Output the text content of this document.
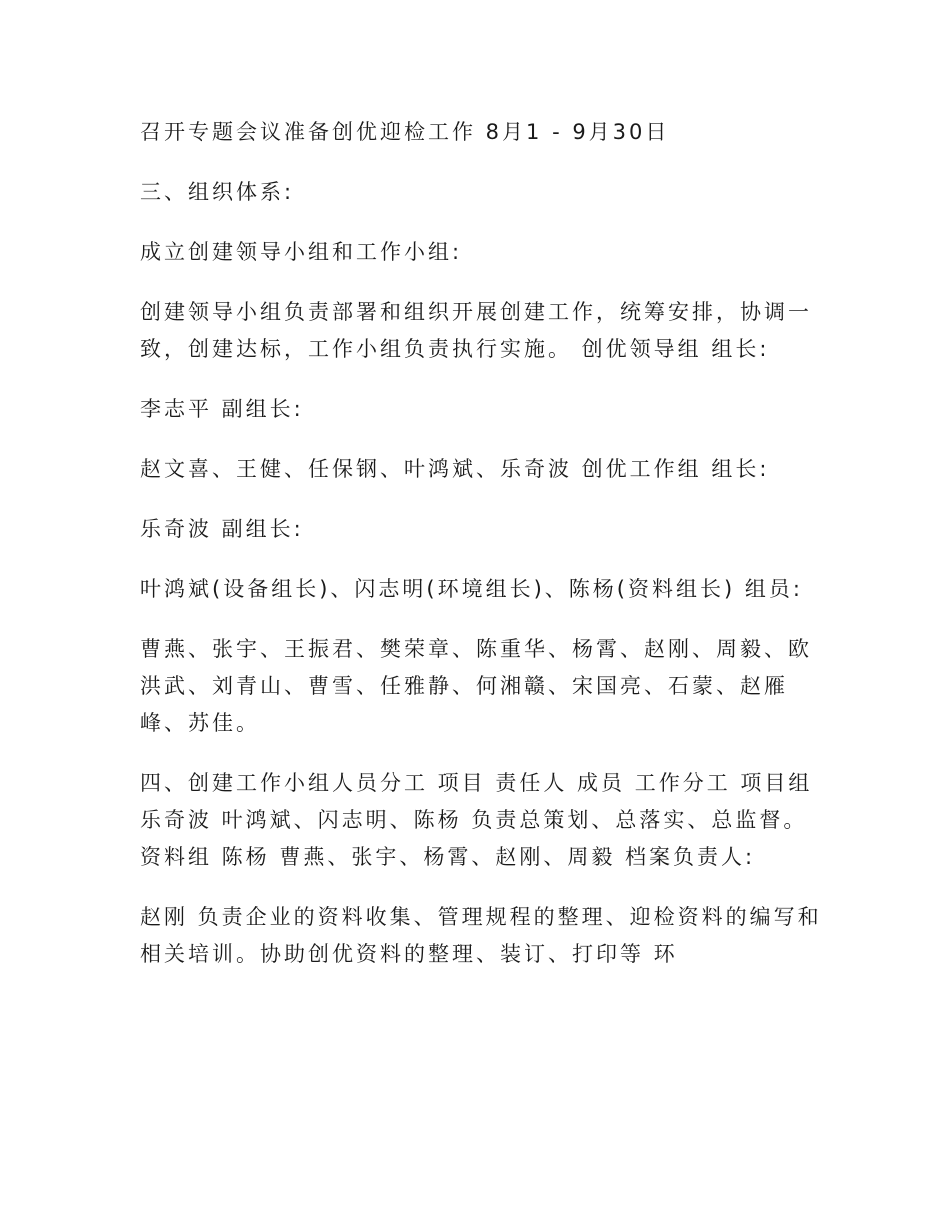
召开专题会议准备创优迎检工作 8月1 - 9月30日

三、组织体系:

成立创建领导小组和工作小组:

创建领导小组负责部署和组织开展创建工作，统筹安排，协调一致，创建达标，工作小组负责执行实施。 创优领导组 组长:

李志平 副组长:

赵文喜、王健、任保钢、叶鸿斌、乐奇波 创优工作组 组长:

乐奇波 副组长:

叶鸿斌(设备组长)、闪志明(环境组长)、陈杨(资料组长) 组员:

曹燕、张宇、王振君、樊荣章、陈重华、杨霄、赵刚、周毅、欧洪武、刘青山、曹雪、任雅静、何湘赣、宋国亮、石蒙、赵雁峰、苏佳。

四、创建工作小组人员分工 项目 责任人 成员 工作分工 项目组 乐奇波 叶鸿斌、闪志明、陈杨 负责总策划、总落实、总监督。 资料组 陈杨 曹燕、张宇、杨霄、赵刚、周毅 档案负责人:

赵刚 负责企业的资料收集、管理规程的整理、迎检资料的编写和相关培训。协助创优资料的整理、装订、打印等 环
